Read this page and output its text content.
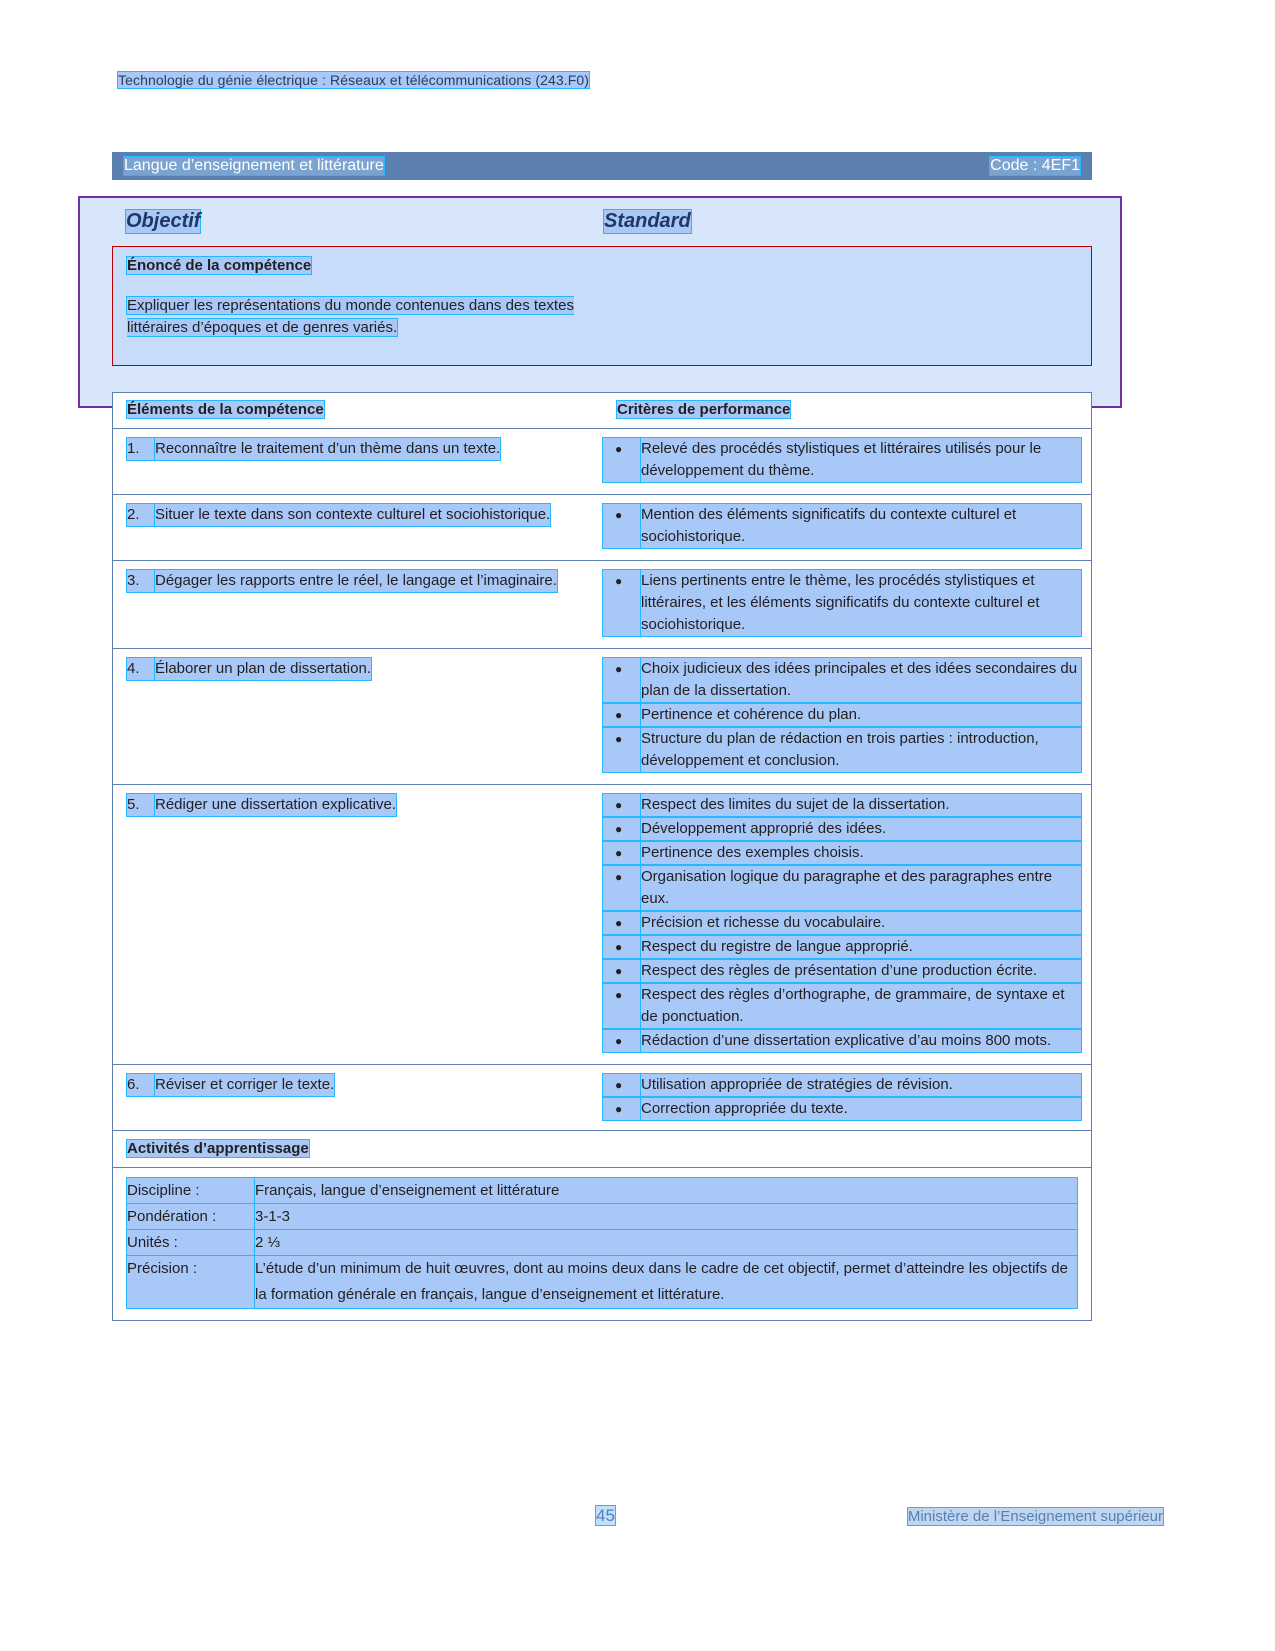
Technologie du génie électrique : Réseaux et télécommunications (243.F0)
Langue d’enseignement et littérature	Code : 4EF1
Objectif	Standard
Énoncé de la compétence
Expliquer les représentations du monde contenues dans des textes littéraires d’époques et de genres variés.
Éléments de la compétence	Critères de performance
1.	Reconnaître le traitement d’un thème dans un texte.	●	Relevé des procédés stylistiques et littéraires utilisés pour le développement du thème.
2.	Situer le texte dans son contexte culturel et sociohistorique.	●	Mention des éléments significatifs du contexte culturel et sociohistorique.
3.	Dégager les rapports entre le réel, le langage et l’imaginaire.	●	Liens pertinents entre le thème, les procédés stylistiques et littéraires, et les éléments significatifs du contexte culturel et sociohistorique.
4.	Élaborer un plan de dissertation.	●	Choix judicieux des idées principales et des idées secondaires du plan de la dissertation.
●	Pertinence et cohérence du plan.
●	Structure du plan de rédaction en trois parties : introduction, développement et conclusion.
5.	Rédiger une dissertation explicative.	●	Respect des limites du sujet de la dissertation.
●	Développement approprié des idées.
●	Pertinence des exemples choisis.
●	Organisation logique du paragraphe et des paragraphes entre eux.
●	Précision et richesse du vocabulaire.
●	Respect du registre de langue approprié.
●	Respect des règles de présentation d’une production écrite.
●	Respect des règles d’orthographe, de grammaire, de syntaxe et de ponctuation.
●	Rédaction d’une dissertation explicative d’au moins 800 mots.
6.	Réviser et corriger le texte.	●	Utilisation appropriée de stratégies de révision.
●	Correction appropriée du texte.
Activités d’apprentissage
Discipline :	Français, langue d’enseignement et littérature
Pondération :	3-1-3
Unités :	2 ⅓
Précision :	L’étude d’un minimum de huit œuvres, dont au moins deux dans le cadre de cet objectif, permet d’atteindre les objectifs de la formation générale en français, langue d’enseignement et littérature.
45	Ministère de l’Enseignement supérieur
